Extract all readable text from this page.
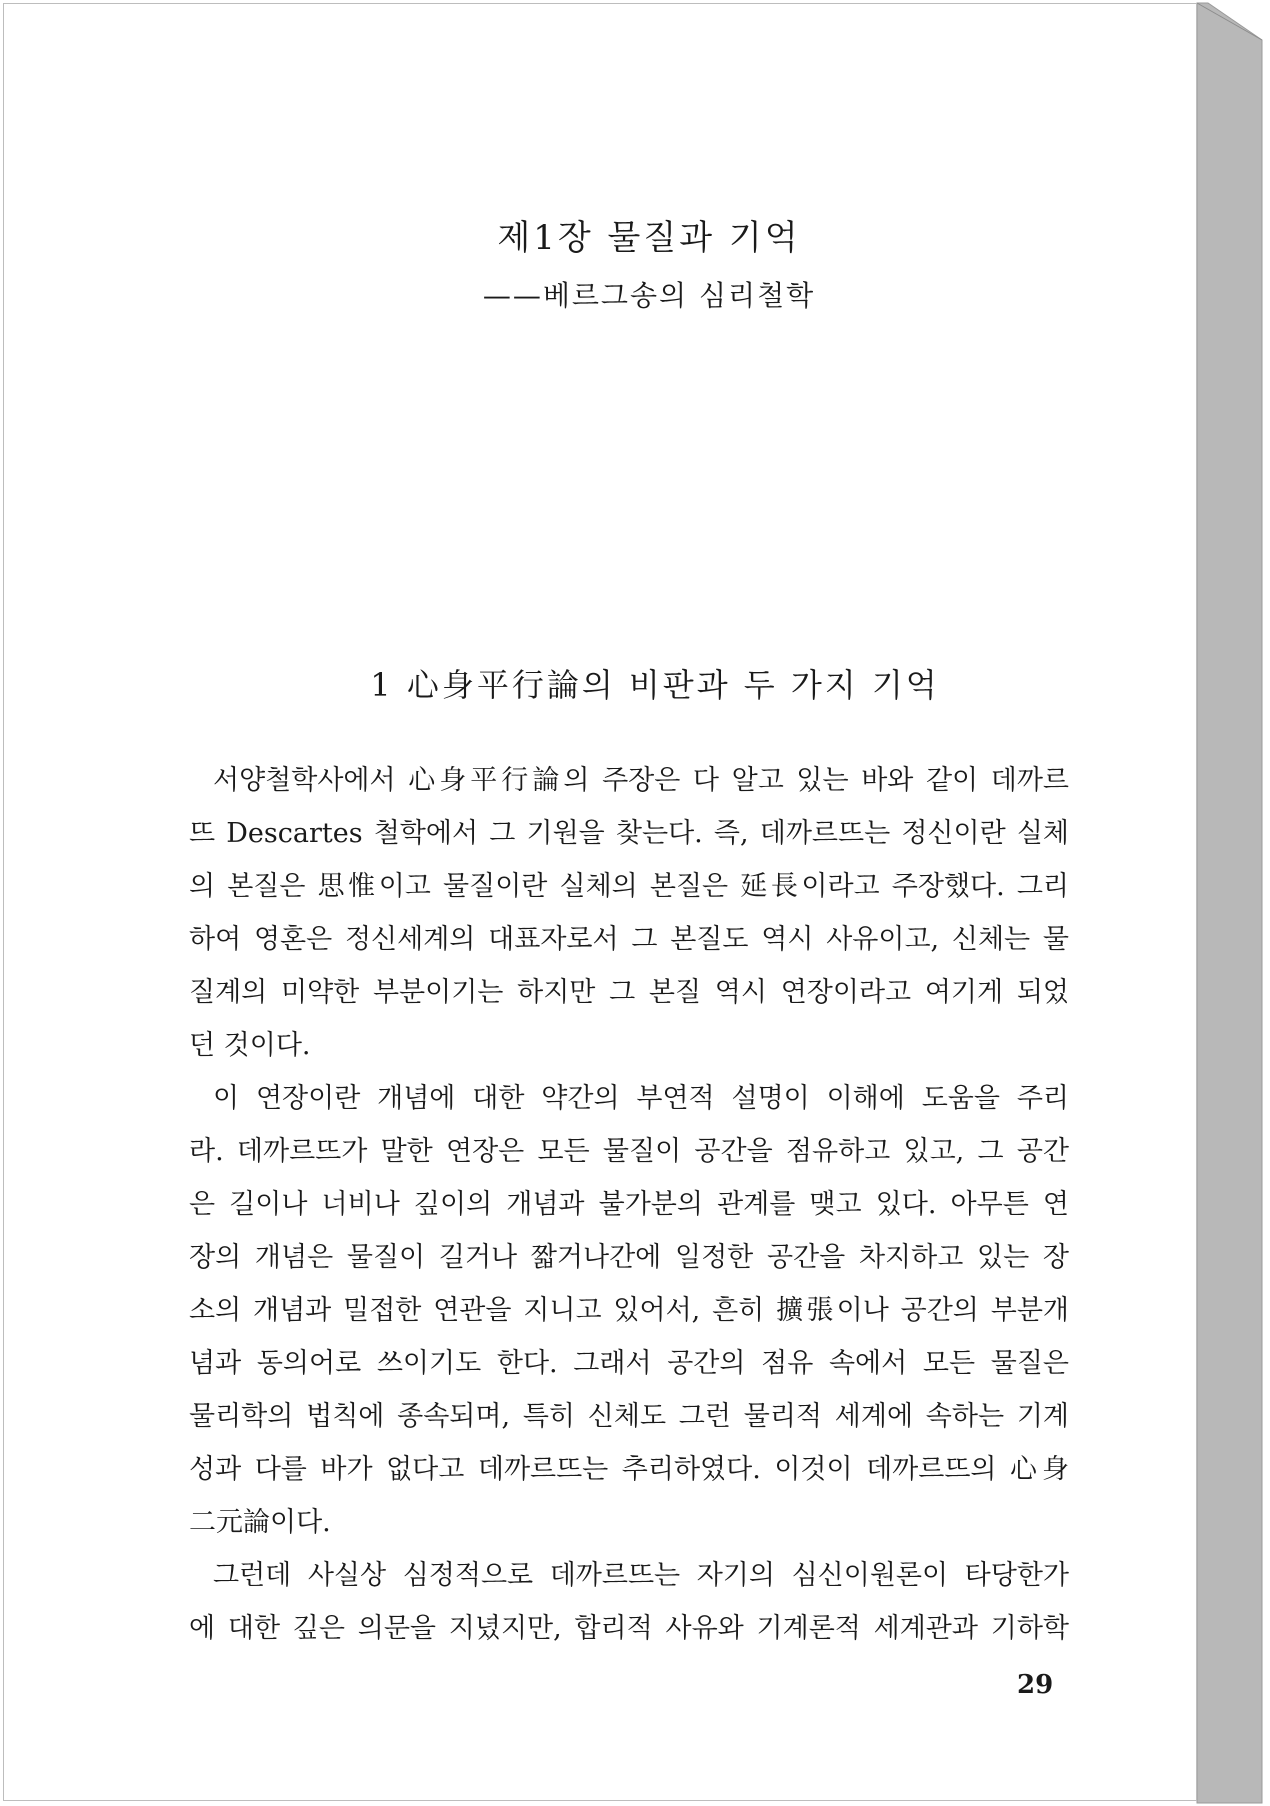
제1장 물질과 기억
——베르그송의 심리철학
1 心身平行論의 비판과 두 가지 기억
서양철학사에서 心身平行論의 주장은 다 알고 있는 바와 같이 데까르
뜨 Descartes 철학에서 그 기원을 찾는다. 즉, 데까르뜨는 정신이란 실체
의 본질은 思惟이고 물질이란 실체의 본질은 延長이라고 주장했다. 그리
하여 영혼은 정신세계의 대표자로서 그 본질도 역시 사유이고, 신체는 물
질계의 미약한 부분이기는 하지만 그 본질 역시 연장이라고 여기게 되었
던 것이다.
이 연장이란 개념에 대한 약간의 부연적 설명이 이해에 도움을 주리
라. 데까르뜨가 말한 연장은 모든 물질이 공간을 점유하고 있고, 그 공간
은 길이나 너비나 깊이의 개념과 불가분의 관계를 맺고 있다. 아무튼 연
장의 개념은 물질이 길거나 짧거나간에 일정한 공간을 차지하고 있는 장
소의 개념과 밀접한 연관을 지니고 있어서, 흔히 擴張이나 공간의 부분개
념과 동의어로 쓰이기도 한다. 그래서 공간의 점유 속에서 모든 물질은
물리학의 법칙에 종속되며, 특히 신체도 그런 물리적 세계에 속하는 기계
성과 다를 바가 없다고 데까르뜨는 추리하였다. 이것이 데까르뜨의 心身
二元論이다.
그런데 사실상 심정적으로 데까르뜨는 자기의 심신이원론이 타당한가
에 대한 깊은 의문을 지녔지만, 합리적 사유와 기계론적 세계관과 기하학
29
